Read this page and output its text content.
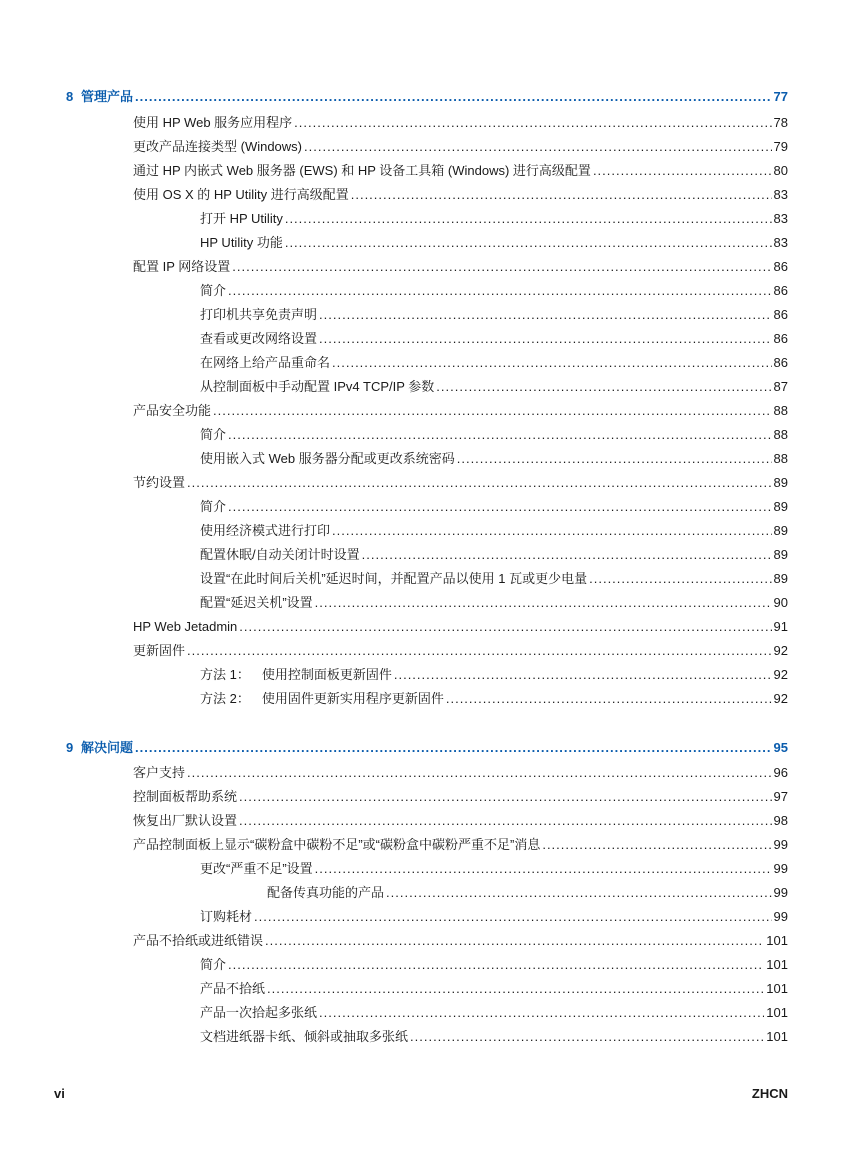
8 管理产品 .....	77
使用 HP Web 服务应用程序 .....	78
更改产品连接类型 (Windows) .....	79
通过 HP 内嵌式 Web 服务器 (EWS) 和 HP 设备工具箱 (Windows) 进行高级配置 .....	80
使用 OS X 的 HP Utility 进行高级配置 .....	83
打开 HP Utility .....	83
HP Utility 功能 .....	83
配置 IP 网络设置 .....	86
简介 .....	86
打印机共享免责声明 .....	86
查看或更改网络设置 .....	86
在网络上给产品重命名 .....	86
从控制面板中手动配置 IPv4 TCP/IP 参数 .....	87
产品安全功能 .....	88
简介 .....	88
使用嵌入式 Web 服务器分配或更改系统密码 .....	88
节约设置 .....	89
简介 .....	89
使用经济模式进行打印 .....	89
配置休眠/自动关闭计时设置 .....	89
设置“在此时间后关机”延迟时间，并配置产品以使用 1 瓦或更少电量 .....	89
配置“延迟关机”设置 .....	90
HP Web Jetadmin .....	91
更新固件 .....	92
方法 1： 使用控制面板更新固件 .....	92
方法 2： 使用固件更新实用程序更新固件 .....	92
9 解决问题 .....	95
客户支持 .....	96
控制面板帮助系统 .....	97
恢复出厂默认设置 .....	98
产品控制面板上显示“碳粉盒中碳粉不足”或“碳粉盒中碳粉严重不足”消息 .....	99
更改“严重不足”设置 .....	99
配备传真功能的产品 .....	99
订购耗材 .....	99
产品不拾纸或进纸错误 .....	101
简介 .....	101
产品不拾纸 .....	101
产品一次拾起多张纸 .....	101
文档进纸器卡纸、倾斜或抽取多张纸 .....	101
vi	ZHCN
